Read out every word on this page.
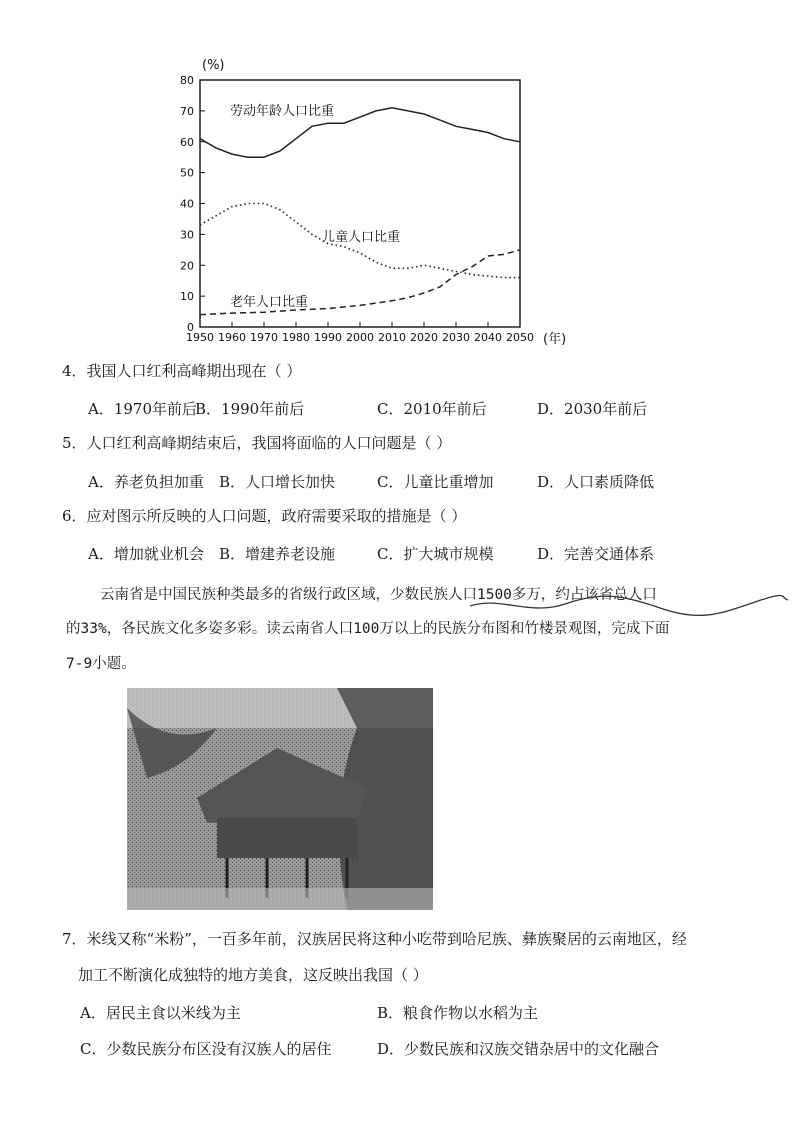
0
10
20
30
40
50
60
70
80
1950 1960 1970 1980 1990 2000 2010 2020 2030 2040 2050
(%)
(年)
劳动年龄人口比重
儿童人口比重
老年人口比重
4．我国人口红利高峰期出现在（ ）
A．1970年前后
B．1990年前后	C．2010年前后	D．2030年前后
5．人口红利高峰期结束后，我国将面临的人口问题是（ ）
A．养老负担加重 B．人口增长加快	C．儿童比重增加	D．人口素质降低
6．应对图示所反映的人口问题，政府需要采取的措施是（ ）
A．增加就业机会 B．增建养老设施	C．扩大城市规模	D．完善交通体系
云南省是中国民族种类最多的省级行政区域，少数民族人口1500多万，约占该省总人口
的33%，各民族文化多姿多彩。读云南省人口100万以上的民族分布图和竹楼景观图，完成下面
7-9小题。
7．米线又称“米粉”，一百多年前，汉族居民将这种小吃带到哈尼族、彝族聚居的云南地区，经
加工不断演化成独特的地方美食，这反映出我国（ ）
A．居民主食以米线为主	B．粮食作物以水稻为主
C．少数民族分布区没有汉族人的居住	D．少数民族和汉族交错杂居中的文化融合
